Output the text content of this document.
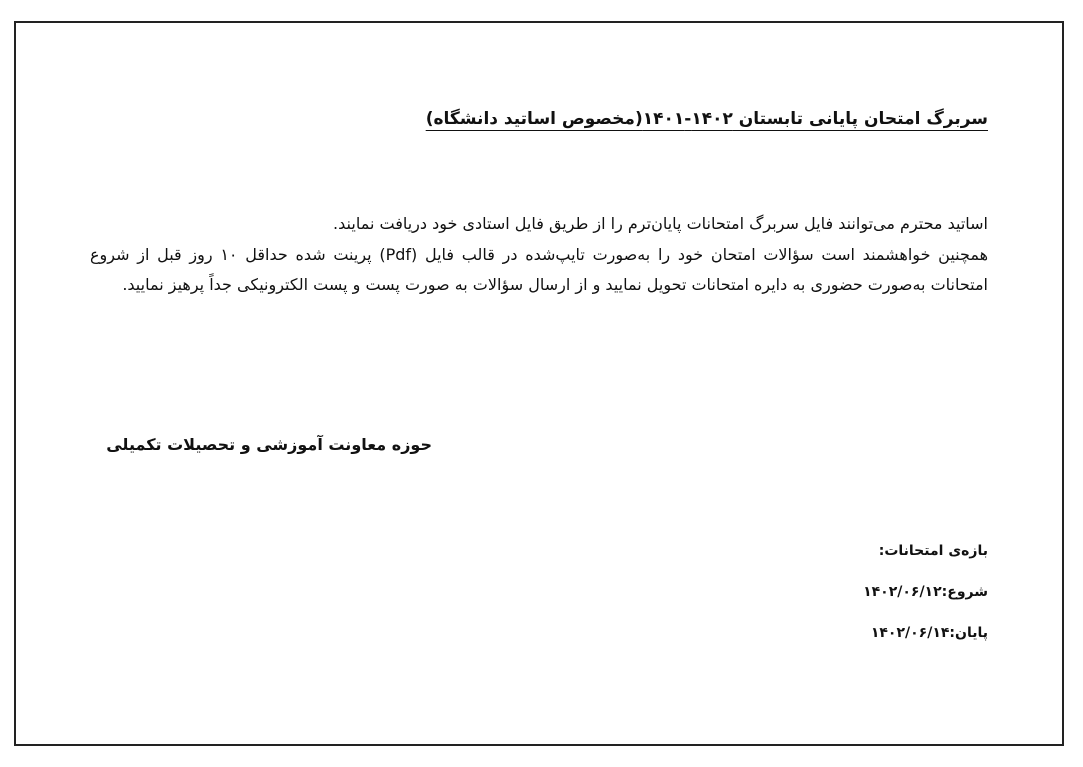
سربرگ امتحان پایانی تابستان ۱۴۰۲-۱۴۰۱(مخصوص اساتید دانشگاه)

اساتید محترم می‌توانند فایل سربرگ امتحانات پایان‌ترم را از طریق فایل استادی خود دریافت نمایند.

همچنین خواهشمند است سؤالات امتحان خود را به‌صورت تایپ‌شده در قالب فایل (Pdf) پرینت شده حداقل ۱۰ روز قبل از شروع امتحانات به‌صورت حضوری به دایره امتحانات تحویل نمایید و از ارسال سؤالات به صورت پست و پست الکترونیکی جداً پرهیز نمایید.

حوزه معاونت آموزشی و تحصیلات تکمیلی
بازه‌ی امتحانات:
شروع:۱۴۰۲/۰۶/۱۲
پایان:۱۴۰۲/۰۶/۱۴
